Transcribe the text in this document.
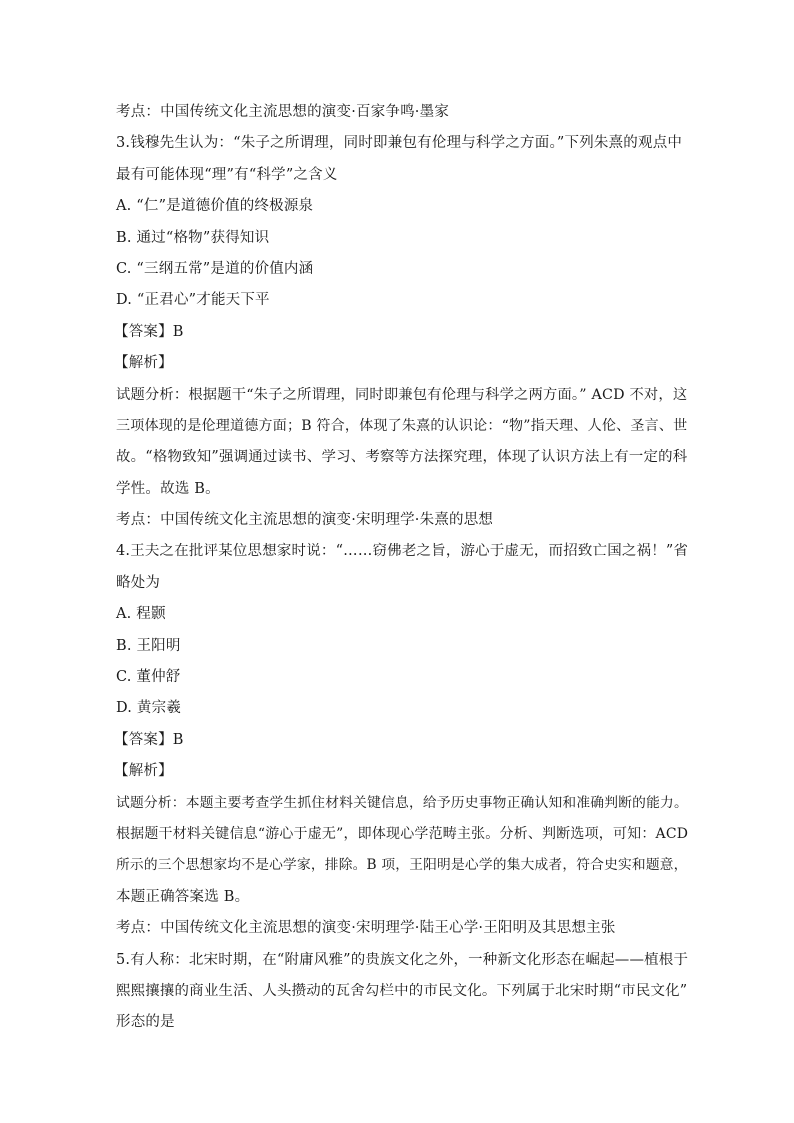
考点：中国传统文化主流思想的演变·百家争鸣·墨家
3.钱穆先生认为：“朱子之所谓理，同时即兼包有伦理与科学之方面。”下列朱熹的观点中
最有可能体现“理”有“科学”之含义
A. “仁”是道德价值的终极源泉
B. 通过“格物”获得知识
C. “三纲五常”是道的价值内涵
D. “正君心”才能天下平
【答案】B
【解析】
试题分析：根据题干“朱子之所谓理，同时即兼包有伦理与科学之两方面。” ACD 不对，这
三项体现的是伦理道德方面；B 符合，体现了朱熹的认识论：“物”指天理、人伦、圣言、世
故。“格物致知”强调通过读书、学习、考察等方法探究理，体现了认识方法上有一定的科
学性。故选 B。
考点：中国传统文化主流思想的演变·宋明理学·朱熹的思想
4.王夫之在批评某位思想家时说：“……窃佛老之旨，游心于虚无，而招致亡国之祸！”省
略处为
A. 程颢
B. 王阳明
C. 董仲舒
D. 黄宗羲
【答案】B
【解析】
试题分析：本题主要考查学生抓住材料关键信息，给予历史事物正确认知和准确判断的能力。
根据题干材料关键信息“游心于虚无”，即体现心学范畴主张。分析、判断选项，可知：ACD
所示的三个思想家均不是心学家，排除。B 项，王阳明是心学的集大成者，符合史实和题意，
本题正确答案选 B。
考点：中国传统文化主流思想的演变·宋明理学·陆王心学·王阳明及其思想主张
5.有人称：北宋时期，在“附庸风雅”的贵族文化之外，一种新文化形态在崛起——植根于
熙熙攘攘的商业生活、人头攒动的瓦舍勾栏中的市民文化。下列属于北宋时期“市民文化”
形态的是
